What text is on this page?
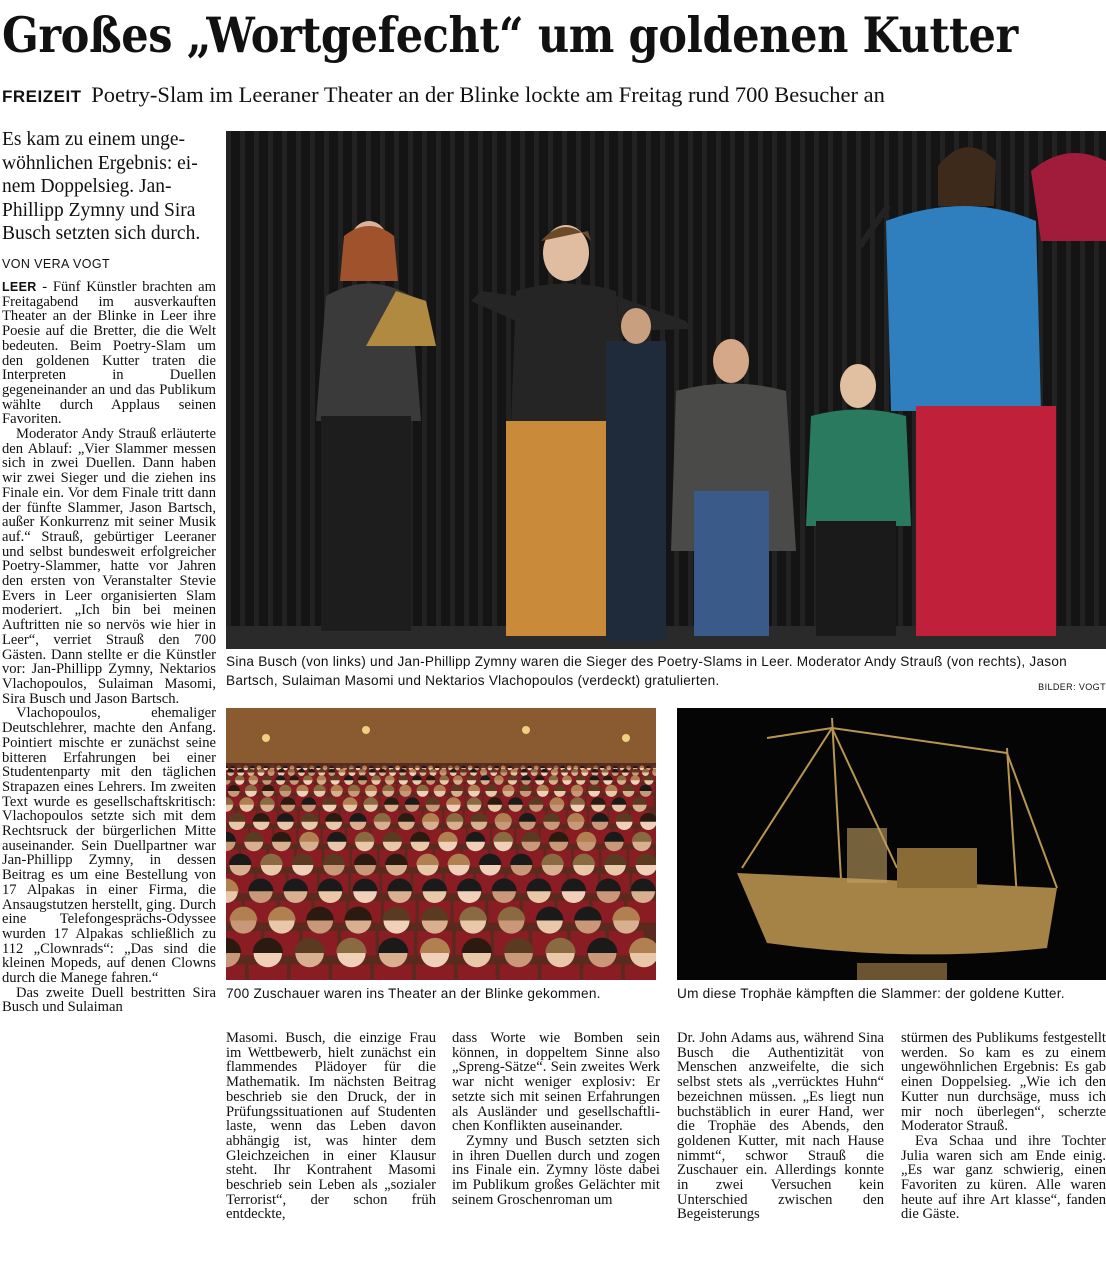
Großes „Wortgefecht“ um goldenen Kutter
FREIZEIT Poetry-Slam im Leeraner Theater an der Blinke lockte am Freitag rund 700 Besucher an
Es kam zu einem ungewöhnlichen Ergebnis: einem Doppelsieg. Jan-Phillipp Zymny und Sira Busch setzten sich durch.
VON VERA VOGT

LEER - Fünf Künstler brachten am Freitagabend im ausverkauften Theater an der Blinke in Leer ihre Poesie auf die Bretter, die die Welt bedeuten. Beim Poetry-Slam um den goldenen Kutter traten die Interpreten in Duellen gegeneinander an und das Publikum wählte durch Applaus seinen Favoriten.

Moderator Andy Strauß erläuterte den Ablauf: „Vier Slammer messen sich in zwei Duellen. Dann haben wir zwei Sieger und die ziehen ins Finale ein. Vor dem Finale tritt dann der fünfte Slammer, Jason Bartsch, außer Konkurrenz mit seiner Musik auf.“ Strauß, gebürtiger Leeraner und selbst bundesweit erfolgreicher Poetry-Slammer, hatte vor Jahren den ersten von Veranstalter Stevie Evers in Leer organisierten Slam moderiert. „Ich bin bei meinen Auftritten nie so nervös wie hier in Leer“, verriet Strauß den 700 Gästen. Dann stellte er die Künstler vor: Jan-Phillipp Zymny, Nektarios Vlachopoulos, Sulaiman Masomi, Sira Busch und Jason Bartsch.

Vlachopoulos, ehemaliger Deutschlehrer, machte den Anfang. Pointiert mischte er zunächst seine bitteren Erfahrungen bei einer Studentenparty mit den täglichen Strapazen eines Lehrers. Im zweiten Text wurde es gesellschaftskritisch: Vlachopoulos setzte sich mit dem Rechtsruck der bürgerlichen Mitte auseinander. Sein Duellpartner war Jan-Phillipp Zymny, in dessen Beitrag es um eine Bestellung von 17 Alpakas in einer Firma, die Ansaugstutzen herstellt, ging. Durch eine Telefongesprächs-Odyssee wurden 17 Alpakas schließlich zu 112 „Clownrads“: „Das sind die kleinen Mopeds, auf denen Clowns durch die Manege fahren.“

Das zweite Duell bestritten Sira Busch und Sulaiman

Sina Busch (von links) und Jan-Phillipp Zymny waren die Sieger des Poetry-Slams in Leer. Moderator Andy Strauß (von rechts), Jason Bartsch, Sulaiman Masomi und Nektarios Vlachopoulos (verdeckt) gratulierten.	BILDER: VOGT
700 Zuschauer waren ins Theater an der Blinke gekommen.	Um diese Trophäe kämpften die Slammer: der goldene Kutter.

Masomi. Busch, die einzige Frau im Wettbewerb, hielt zunächst ein flammendes Plädoyer für die Mathematik. Im nächsten Beitrag beschrieb sie den Druck, der in Prüfungssituationen auf Studenten laste, wenn das Leben davon abhängig ist, was hinter dem Gleichzeichen in einer Klausur steht. Ihr Kontrahent Masomi beschrieb sein Leben als „sozialer Terrorist“, der schon früh entdeckte,

dass Worte wie Bomben sein können, in doppeltem Sinne also „Spreng-Sätze“. Sein zweites Werk war nicht weniger explosiv: Er setzte sich mit seinen Erfahrungen als Ausländer und gesellschaftlichen Konflikten auseinander.

Zymny und Busch setzten sich in ihren Duellen durch und zogen ins Finale ein. Zymny löste dabei im Publikum großes Gelächter mit seinem Groschenroman um

Dr. John Adams aus, während Sina Busch die Authentizität von Menschen anzweifelte, die sich selbst stets als „verrücktes Huhn“ bezeichnen müssen. „Es liegt nun buchstäblich in eurer Hand, wer die Trophäe des Abends, den goldenen Kutter, mit nach Hause nimmt“, schwor Strauß die Zuschauer ein. Allerdings konnte in zwei Versuchen kein Unterschied zwischen den Begeisterungs

stürmen des Publikums festgestellt werden. So kam es zu einem ungewöhnlichen Ergebnis: Es gab einen Doppelsieg. „Wie ich den Kutter nun durchsäge, muss ich mir noch überlegen“, scherzte Moderator Strauß.

Eva Schaa und ihre Tochter Julia waren sich am Ende einig. „Es war ganz schwierig, einen Favoriten zu küren. Alle waren heute auf ihre Art klasse“, fanden die Gäste.
